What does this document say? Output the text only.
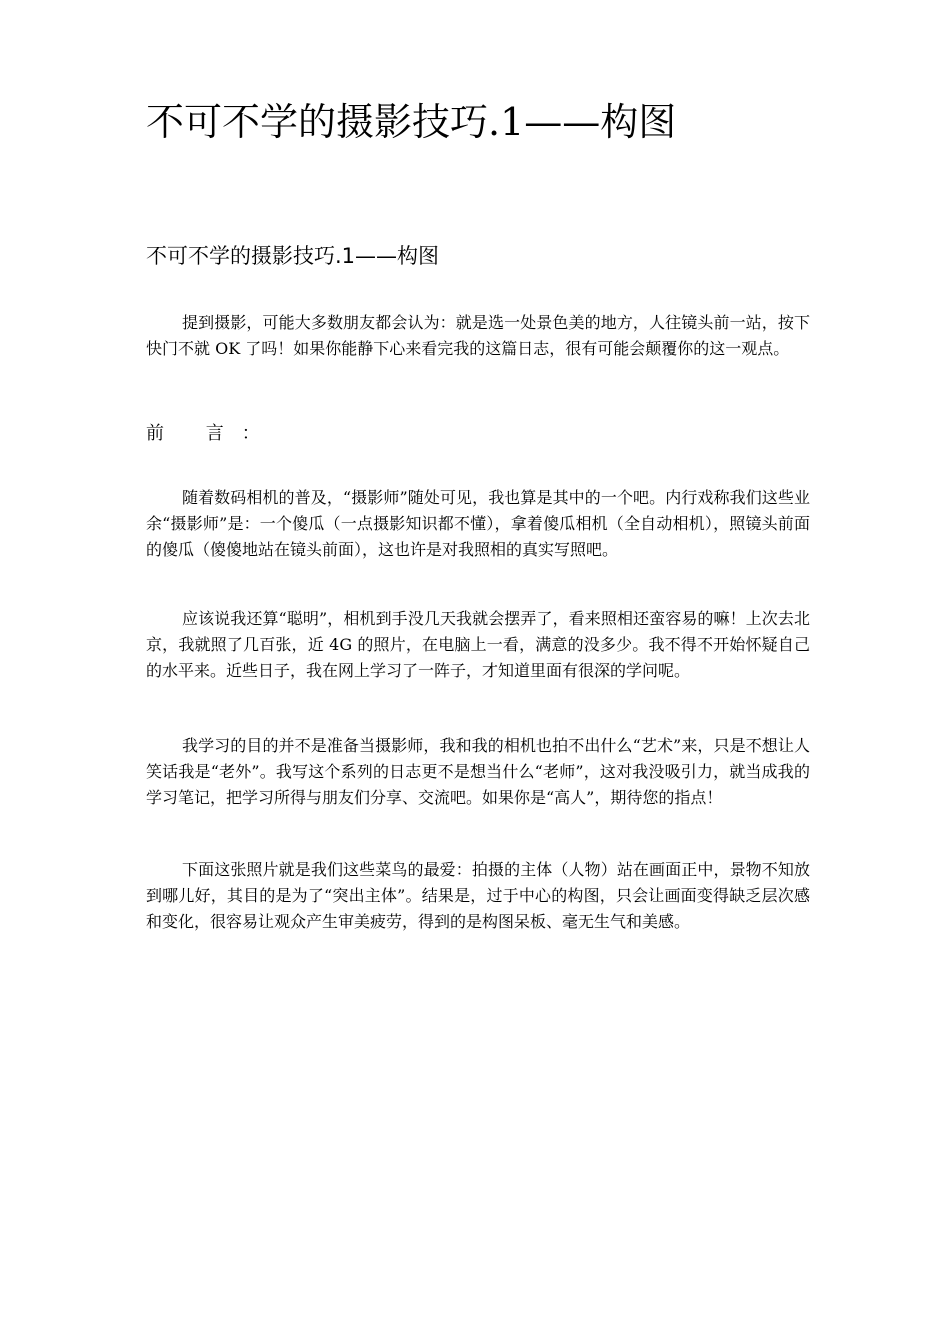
不可不学的摄影技巧.1——构图
不可不学的摄影技巧.1——构图

提到摄影，可能大多数朋友都会认为：就是选一处景色美的地方，人往镜头前一站，按下快门不就 OK 了吗！如果你能静下心来看完我的这篇日志，很有可能会颠覆你的这一观点。

前 言：

随着数码相机的普及，“摄影师”随处可见，我也算是其中的一个吧。内行戏称我们这些业余“摄影师”是：一个傻瓜（一点摄影知识都不懂），拿着傻瓜相机（全自动相机），照镜头前面的傻瓜（傻傻地站在镜头前面），这也许是对我照相的真实写照吧。

应该说我还算“聪明”，相机到手没几天我就会摆弄了，看来照相还蛮容易的嘛！上次去北京，我就照了几百张，近 4G 的照片，在电脑上一看，满意的没多少。我不得不开始怀疑自己的水平来。近些日子，我在网上学习了一阵子，才知道里面有很深的学问呢。

我学习的目的并不是准备当摄影师，我和我的相机也拍不出什么“艺术”来，只是不想让人笑话我是“老外”。我写这个系列的日志更不是想当什么“老师”，这对我没吸引力，就当成我的学习笔记，把学习所得与朋友们分享、交流吧。如果你是“高人”，期待您的指点！

下面这张照片就是我们这些菜鸟的最爱：拍摄的主体（人物）站在画面正中，景物不知放到哪儿好，其目的是为了“突出主体”。结果是，过于中心的构图，只会让画面变得缺乏层次感和变化，很容易让观众产生审美疲劳，得到的是构图呆板、毫无生气和美感。
